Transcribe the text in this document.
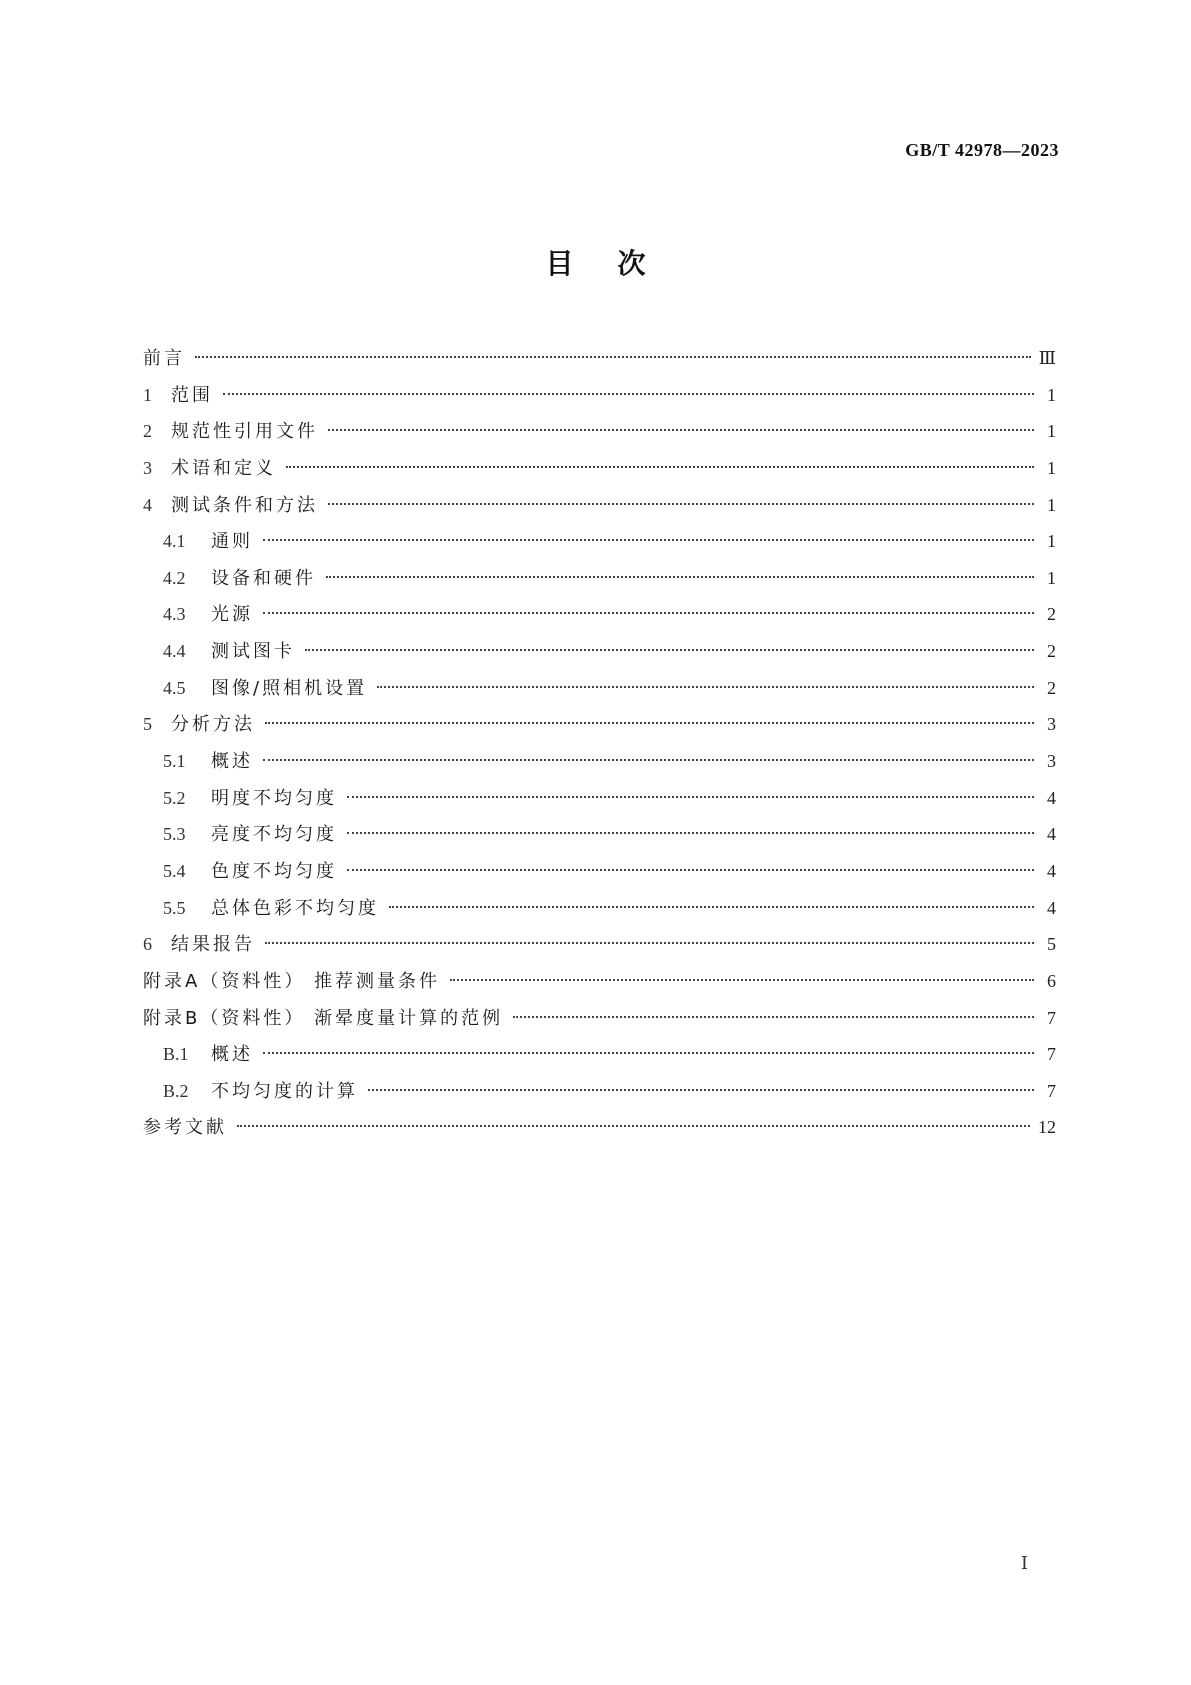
GB/T 42978—2023
目次
前言	Ⅲ
1	范围	1
2	规范性引用文件	1
3	术语和定义	1
4	测试条件和方法	1
4.1	通则	1
4.2	设备和硬件	1
4.3	光源	2
4.4	测试图卡	2
4.5	图像/照相机设置	2
5	分析方法	3
5.1	概述	3
5.2	明度不均匀度	4
5.3	亮度不均匀度	4
5.4	色度不均匀度	4
5.5	总体色彩不均匀度	4
6	结果报告	5
附录A（资料性） 推荐测量条件	6
附录B（资料性） 渐晕度量计算的范例	7
B.1	概述	7
B.2	不均匀度的计算	7
参考文献	12
Ⅰ
